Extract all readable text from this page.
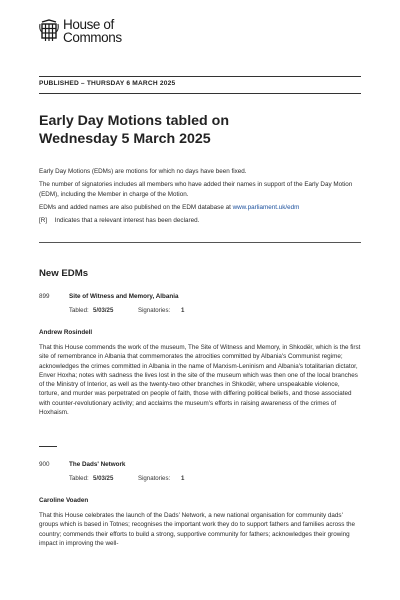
House of
Commons
PUBLISHED – THURSDAY 6 MARCH 2025
Early Day Motions tabled on
Wednesday 5 March 2025

Early Day Motions (EDMs) are motions for which no days have been fixed.

The number of signatories includes all members who have added their names in support of the Early Day Motion (EDM), including the Member in charge of the Motion.

EDMs and added names are also published on the EDM database at www.parliament.uk/edm

[R] Indicates that a relevant interest has been declared.

New EDMs
899	Site of Witness and Memory, Albania
Tabled: 5/03/25	Signatories: 1
Andrew Rosindell
That this House commends the work of the museum, The Site of Witness and Memory, in Shkodër, which is the first site of remembrance in Albania that commemorates the atrocities committed by Albania's Communist regime; acknowledges the crimes committed in Albania in the name of Marxism-Leninism and Albania's totalitarian dictator, Enver Hoxha; notes with sadness the lives lost in the site of the museum which was then one of the local branches of the Ministry of Interior, as well as the twenty-two other branches in Shkodër, where unspeakable violence, torture, and murder was perpetrated on people of faith, those with differing political beliefs, and those associated with counter-revolutionary activity; and acclaims the museum's efforts in raising awareness of the crimes of Hoxhaism.
900	The Dads' Network
Tabled: 5/03/25	Signatories: 1
Caroline Voaden
That this House celebrates the launch of the Dads' Network, a new national organisation for community dads' groups which is based in Totnes; recognises the important work they do to support fathers and families across the country; commends their efforts to build a strong, supportive community for fathers; acknowledges their growing impact in improving the well-
